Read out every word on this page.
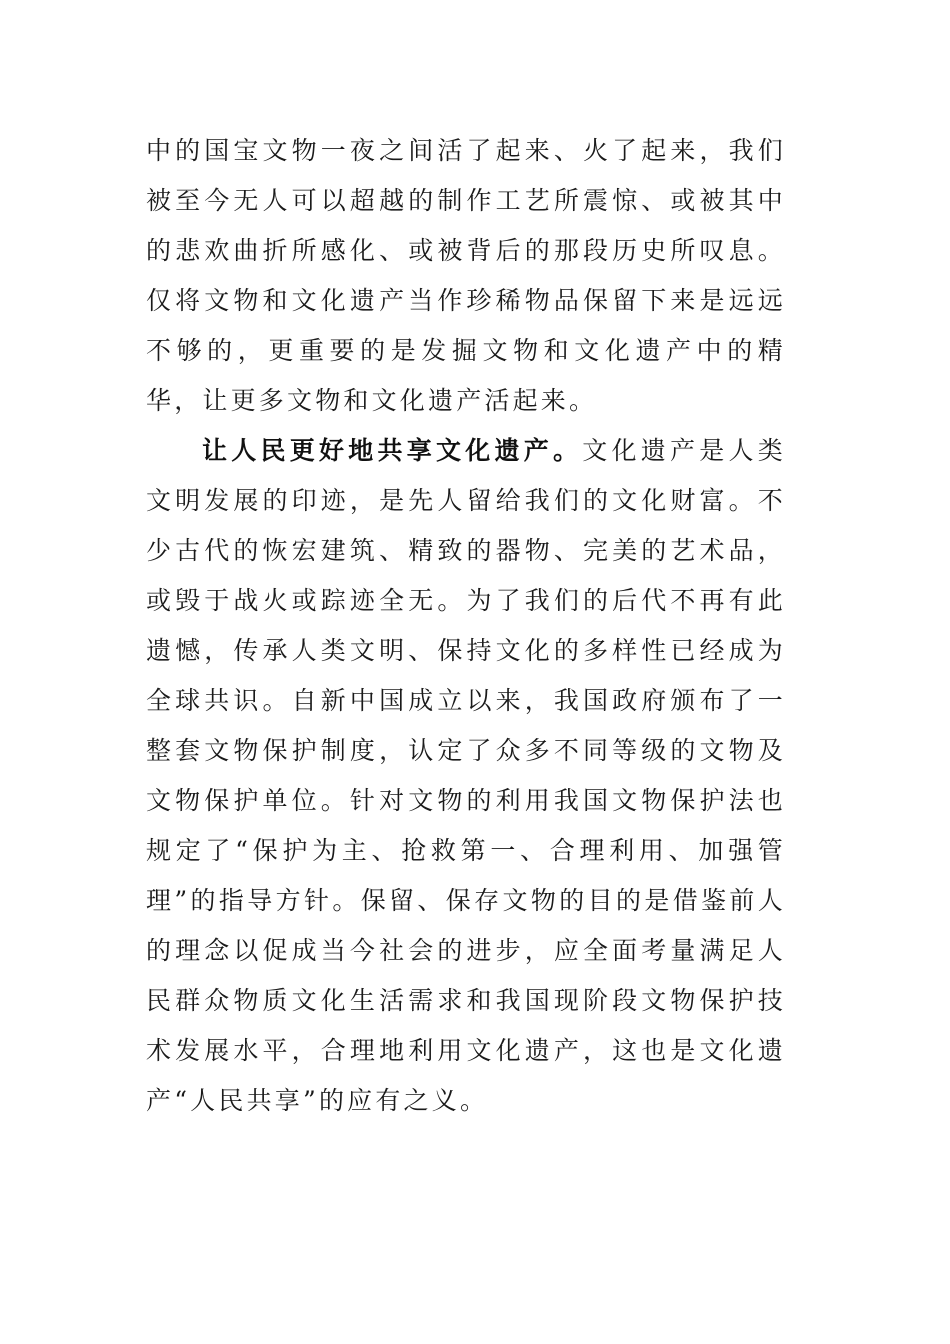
中的国宝文物一夜之间活了起来、火了起来，我们被至今无人可以超越的制作工艺所震惊、或被其中的悲欢曲折所感化、或被背后的那段历史所叹息。仅将文物和文化遗产当作珍稀物品保留下来是远远不够的，更重要的是发掘文物和文化遗产中的精华，让更多文物和文化遗产活起来。

让人民更好地共享文化遗产。文化遗产是人类文明发展的印迹，是先人留给我们的文化财富。不少古代的恢宏建筑、精致的器物、完美的艺术品，或毁于战火或踪迹全无。为了我们的后代不再有此遗憾，传承人类文明、保持文化的多样性已经成为全球共识。自新中国成立以来，我国政府颁布了一整套文物保护制度，认定了众多不同等级的文物及文物保护单位。针对文物的利用我国文物保护法也规定了“保护为主、抢救第一、合理利用、加强管理”的指导方针。保留、保存文物的目的是借鉴前人的理念以促成当今社会的进步，应全面考量满足人民群众物质文化生活需求和我国现阶段文物保护技术发展水平，合理地利用文化遗产，这也是文化遗产“人民共享”的应有之义。
